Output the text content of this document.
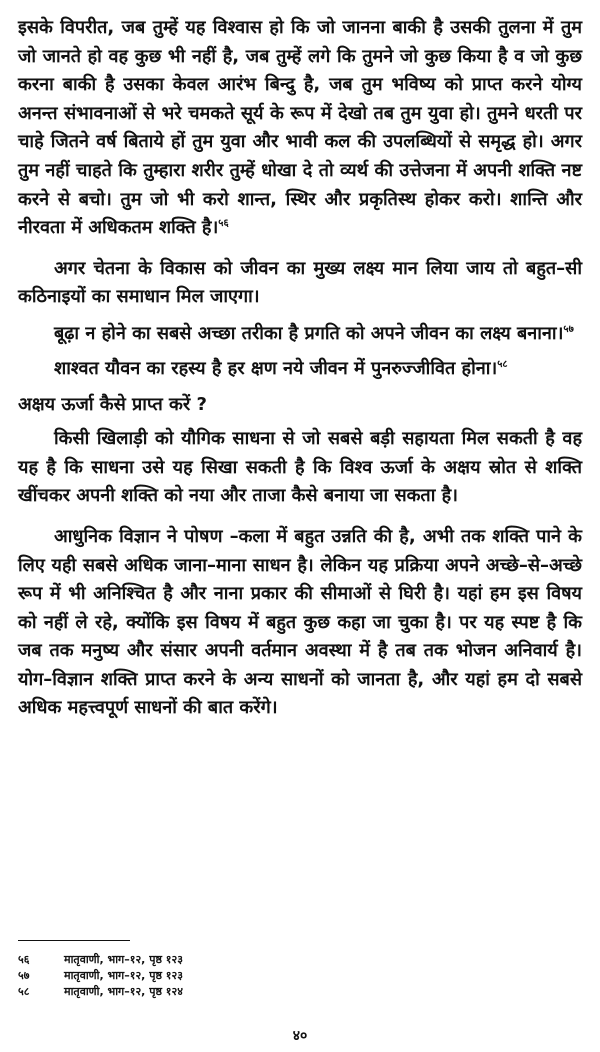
इसके विपरीत, जब तुम्हें यह विश्वास हो कि जो जानना बाकी है उसकी तुलना में तुम जो जानते हो वह कुछ भी नहीं है, जब तुम्हें लगे कि तुमने जो कुछ किया है व जो कुछ करना बाकी है उसका केवल आरंभ बिन्दु है, जब तुम भविष्य को प्राप्त करने योग्य अनन्त संभावनाओं से भरे चमकते सूर्य के रूप में देखो तब तुम युवा हो। तुमने धरती पर चाहे जितने वर्ष बिताये हों तुम युवा और भावी कल की उपलब्धियों से समृद्ध हो। अगर तुम नहीं चाहते कि तुम्हारा शरीर तुम्हें धोखा दे तो व्यर्थ की उत्तेजना में अपनी शक्ति नष्ट करने से बचो। तुम जो भी करो शान्त, स्थिर और प्रकृतिस्थ होकर करो। शान्ति और नीरवता में अधिकतम शक्ति है।$^{५६}$

अगर चेतना के विकास को जीवन का मुख्य लक्ष्य मान लिया जाय तो बहुत–सी कठिनाइयों का समाधान मिल जाएगा।

बूढ़ा न होने का सबसे अच्छा तरीका है प्रगति को अपने जीवन का लक्ष्य बनाना।$^{५७}$

शाश्वत यौवन का रहस्य है हर क्षण नये जीवन में पुनरुज्जीवित होना।$^{५८}$

अक्षय ऊर्जा कैसे प्राप्त करें ?

किसी खिलाड़ी को यौगिक साधना से जो सबसे बड़ी सहायता मिल सकती है वह यह है कि साधना उसे यह सिखा सकती है कि विश्व ऊर्जा के अक्षय स्रोत से शक्ति खींचकर अपनी शक्ति को नया और ताजा कैसे बनाया जा सकता है।

आधुनिक विज्ञान ने पोषण –कला में बहुत उन्नति की है, अभी तक शक्ति पाने के लिए यही सबसे अधिक जाना–माना साधन है। लेकिन यह प्रक्रिया अपने अच्छे–से–अच्छे रूप में भी अनिश्चित है और नाना प्रकार की सीमाओं से घिरी है। यहां हम इस विषय को नहीं ले रहे, क्योंकि इस विषय में बहुत कुछ कहा जा चुका है। पर यह स्पष्ट है कि जब तक मनुष्य और संसार अपनी वर्तमान अवस्था में है तब तक भोजन अनिवार्य है। योग–विज्ञान शक्ति प्राप्त करने के अन्य साधनों को जानता है, और यहां हम दो सबसे अधिक महत्त्वपूर्ण साधनों की बात करेंगे।

५६	मातृवाणी, भाग–१२, पृष्ठ १२३
५७	मातृवाणी, भाग–१२, पृष्ठ १२३
५८	मातृवाणी, भाग–१२, पृष्ठ १२४
४०
